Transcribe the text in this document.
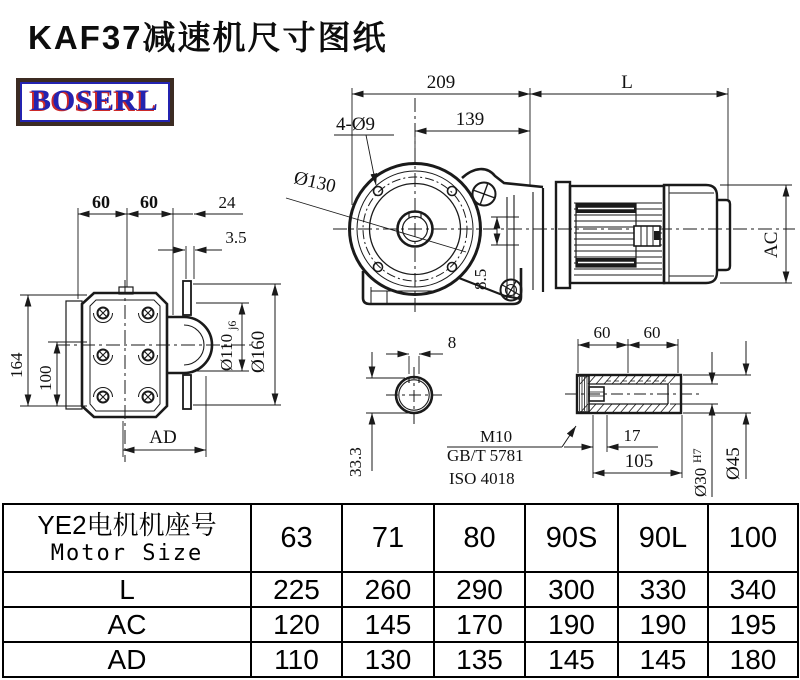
KAF37减速机尺寸图纸
BOSERL
209	L
139
4-Ø9
Ø130
8.5
AC
60 60	24
3.5
164
100
Ø110
j6
Ø160
AD
8
33.3
M10
GB/T 5781
ISO 4018
60 60
17
105
Ø30
H7 Ø45
YE2电机机座号
Motor Size	63	71	80	90S	90L	100
L	225	260	290	300	330	340
AC	120	145	170	190	190	195
AD	110	130	135	145	145	180
